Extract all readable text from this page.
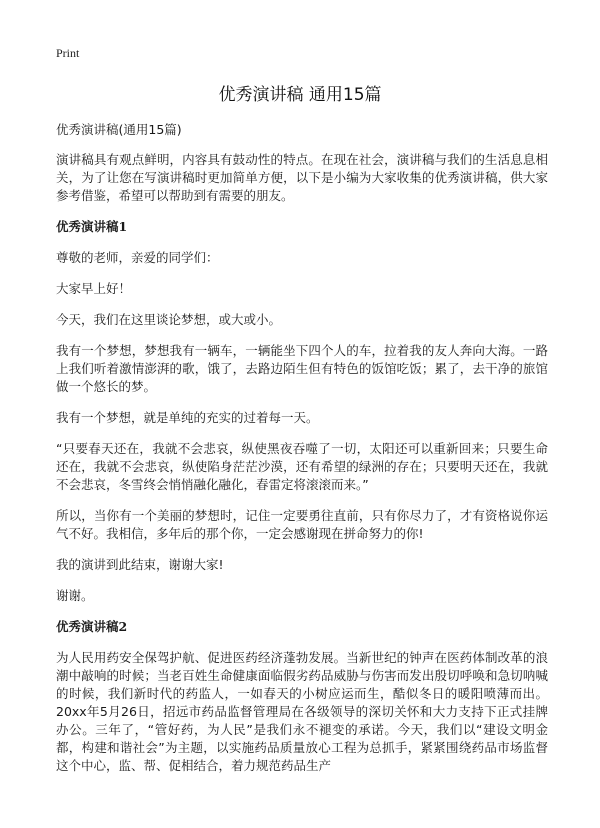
Print
优秀演讲稿 通用15篇

优秀演讲稿(通用15篇)

演讲稿具有观点鲜明，内容具有鼓动性的特点。在现在社会，演讲稿与我们的生活息息相关，为了让您在写演讲稿时更加简单方便，以下是小编为大家收集的优秀演讲稿，供大家参考借鉴，希望可以帮助到有需要的朋友。

优秀演讲稿1

尊敬的老师，亲爱的同学们：

大家早上好！

今天，我们在这里谈论梦想，或大或小。

我有一个梦想，梦想我有一辆车，一辆能坐下四个人的车，拉着我的友人奔向大海。一路上我们听着激情澎湃的歌，饿了，去路边陌生但有特色的饭馆吃饭；累了，去干净的旅馆做一个悠长的梦。

我有一个梦想，就是单纯的充实的过着每一天。

“只要春天还在，我就不会悲哀，纵使黑夜吞噬了一切，太阳还可以重新回来；只要生命还在，我就不会悲哀，纵使陷身茫茫沙漠，还有希望的绿洲的存在；只要明天还在，我就不会悲哀，冬雪终会悄悄融化融化，春雷定将滚滚而来。”

所以，当你有一个美丽的梦想时，记住一定要勇往直前，只有你尽力了，才有资格说你运气不好。我相信，多年后的那个你，一定会感谢现在拼命努力的你!

我的演讲到此结束，谢谢大家!

谢谢。

优秀演讲稿2

为人民用药安全保驾护航、促进医药经济蓬勃发展。当新世纪的钟声在医药体制改革的浪潮中敲响的时候；当老百姓生命健康面临假劣药品威胁与伤害而发出殷切呼唤和急切呐喊的时候，我们新时代的药监人，一如春天的小树应运而生，酷似冬日的暖阳喷薄而出。20xx年5月26日，招远市药品监督管理局在各级领导的深切关怀和大力支持下正式挂牌办公。三年了，“管好药，为人民”是我们永不褪变的承诺。今天，我们以“建设文明金都，构建和谐社会”为主题，以实施药品质量放心工程为总抓手，紧紧围绕药品市场监督这个中心，监、帮、促相结合，着力规范药品生产
